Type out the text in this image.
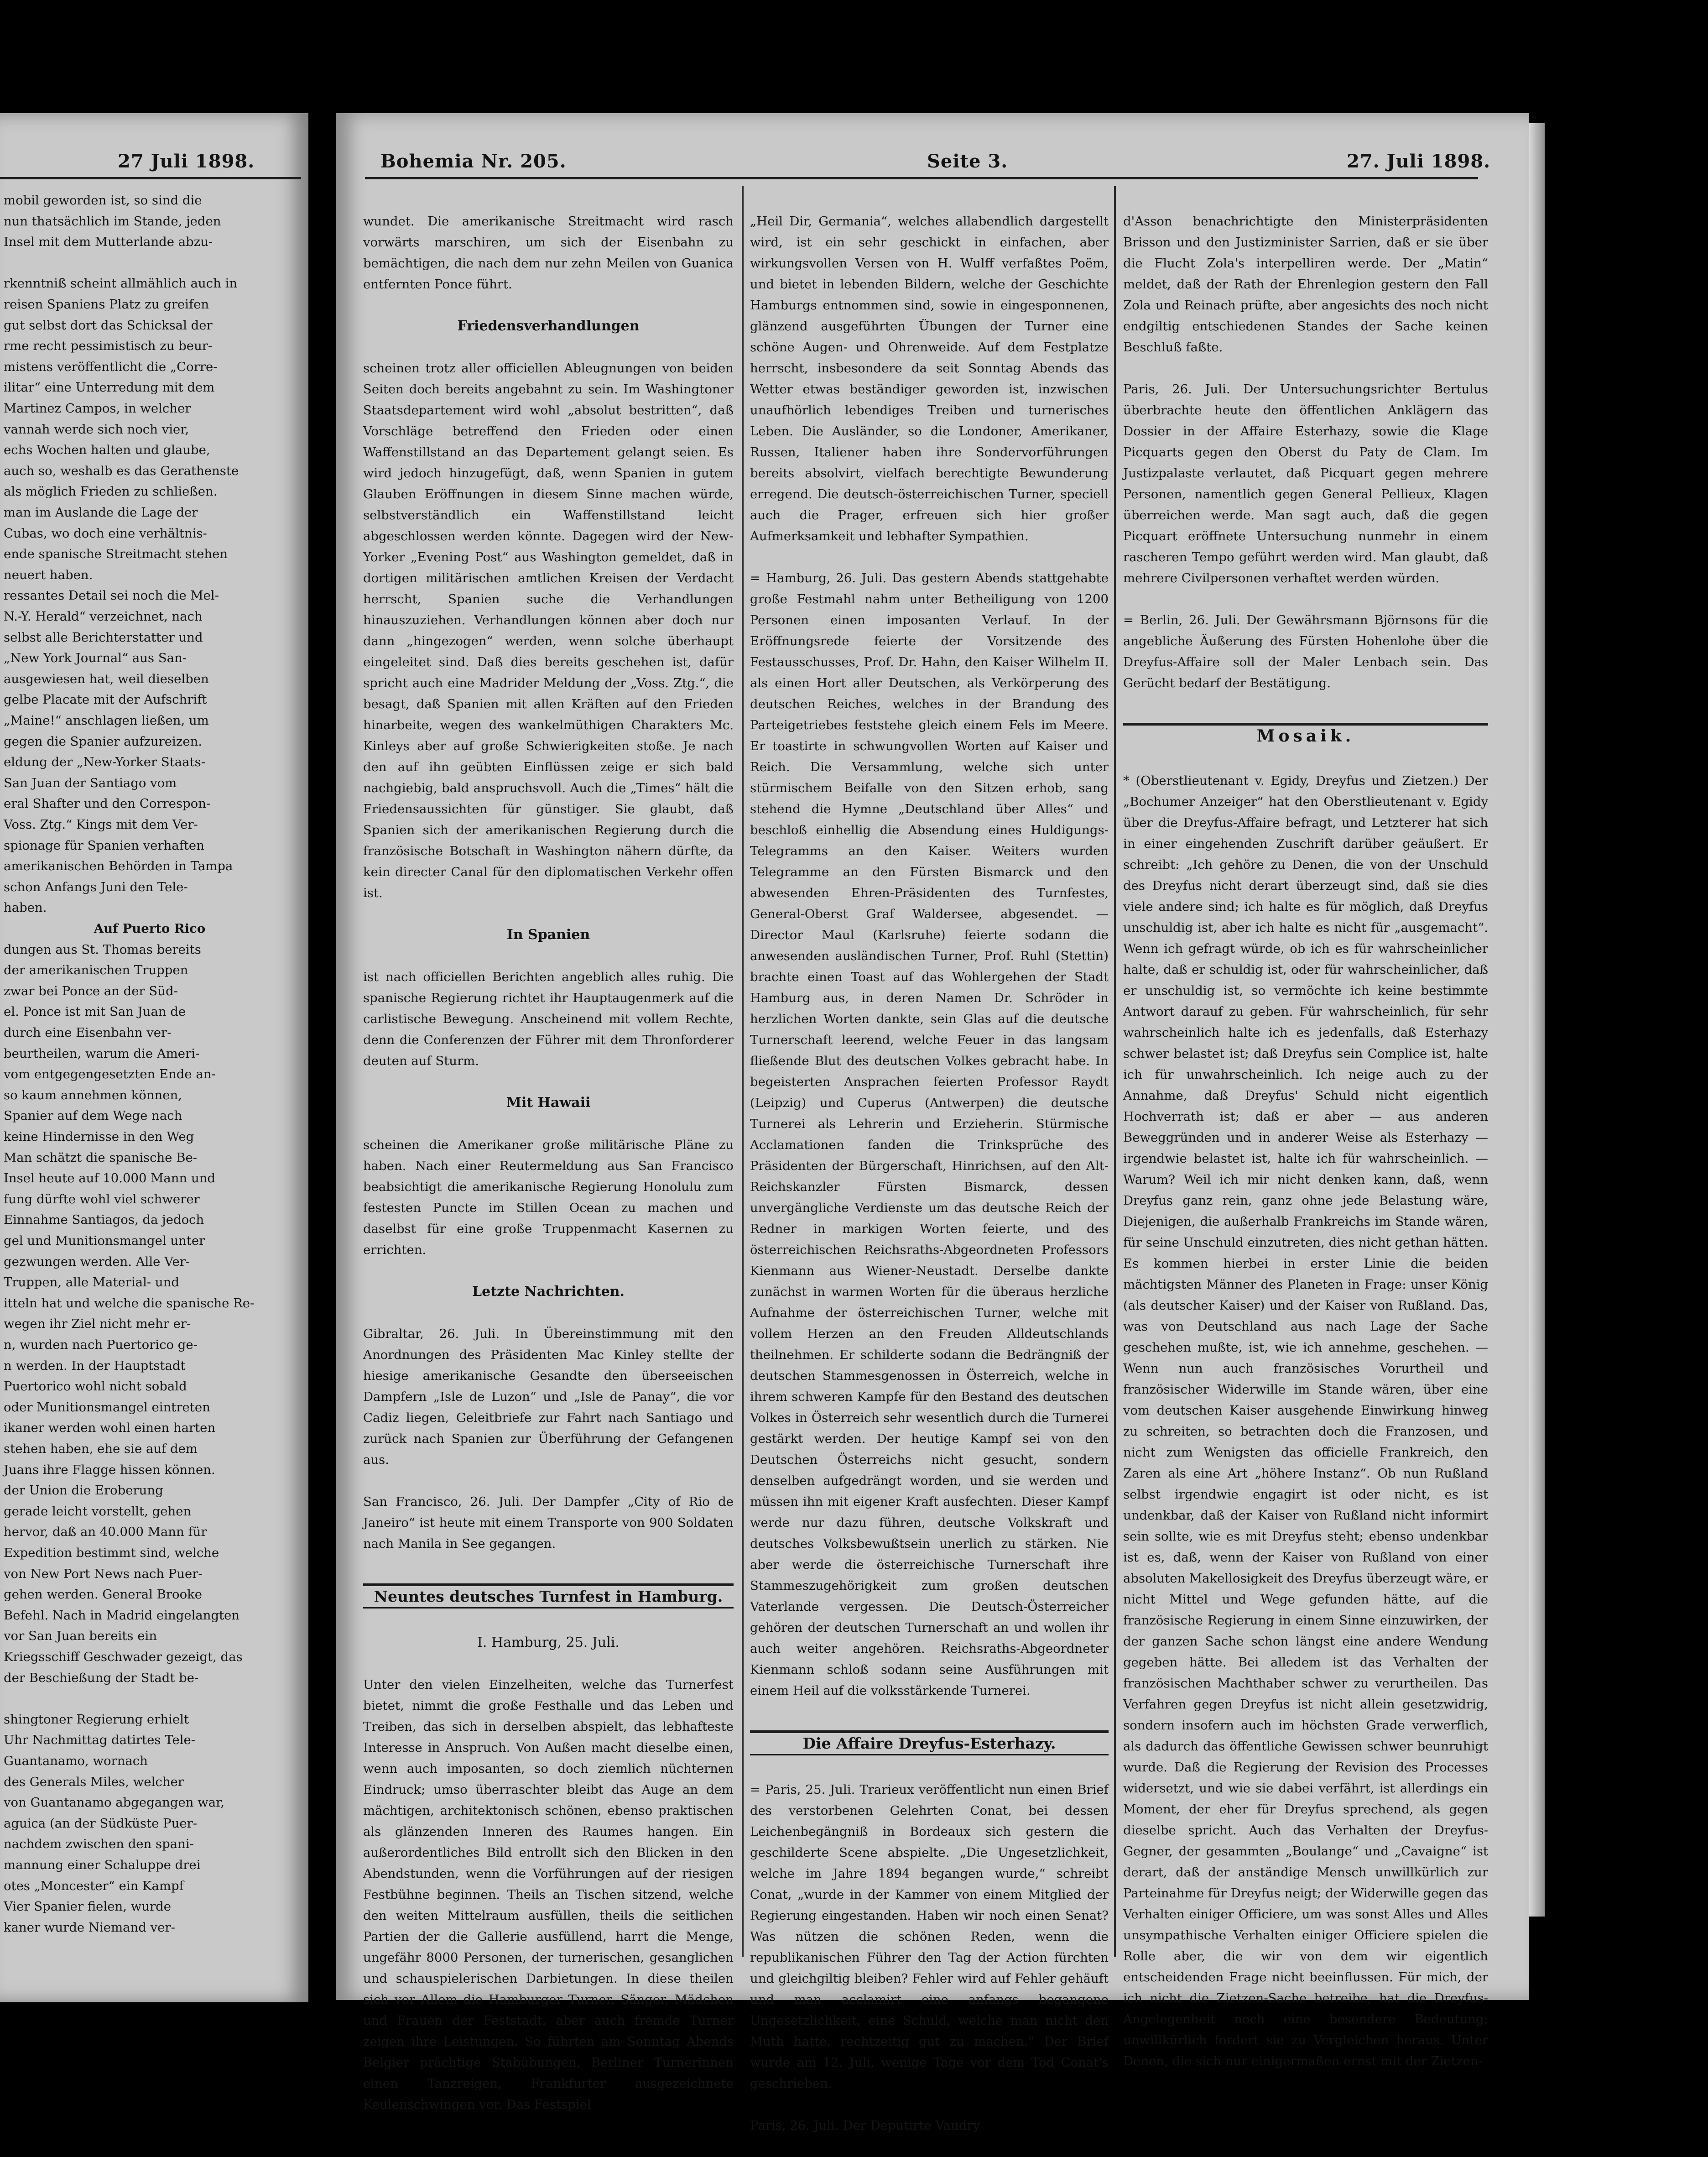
27 Juli 1898.
mobil geworden ist, so sind die
nun thatsächlich im Stande, jeden
Insel mit dem Mutterlande abzu-
rkenntniß scheint allmählich auch in
reisen Spaniens Platz zu greifen
gut selbst dort das Schicksal der
rme recht pessimistisch zu beur-
mistens veröffentlicht die „Corre-
ilitar“ eine Unterredung mit dem
Martinez Campos, in welcher
vannah werde sich noch vier,
echs Wochen halten und glaube,
auch so, weshalb es das Gerathenste
als möglich Frieden zu schließen.
man im Auslande die Lage der
Cubas, wo doch eine verhältnis-
ende spanische Streitmacht stehen
neuert haben.
ressantes Detail sei noch die Mel-
N.-Y. Herald“ verzeichnet, nach
selbst alle Berichterstatter und
„New York Journal“ aus San-
ausgewiesen hat, weil dieselben
gelbe Placate mit der Aufschrift
„Maine!“ anschlagen ließen, um
gegen die Spanier aufzureizen.
eldung der „New-Yorker Staats-
San Juan der Santiago vom
eral Shafter und den Correspon-
Voss. Ztg.“ Kings mit dem Ver-
spionage für Spanien verhaften
amerikanischen Behörden in Tampa
schon Anfangs Juni den Tele-
haben.
Auf Puerto Rico
dungen aus St. Thomas bereits
der amerikanischen Truppen
zwar bei Ponce an der Süd-
el. Ponce ist mit San Juan de
durch eine Eisenbahn ver-
beurtheilen, warum die Ameri-
vom entgegengesetzten Ende an-
so kaum annehmen können,
Spanier auf dem Wege nach
keine Hindernisse in den Weg
Man schätzt die spanische Be-
Insel heute auf 10.000 Mann und
fung dürfte wohl viel schwerer
Einnahme Santiagos, da jedoch
gel und Munitionsmangel unter
gezwungen werden. Alle Ver-
Truppen, alle Material- und
itteln hat und welche die spanische Re-
wegen ihr Ziel nicht mehr er-
n, wurden nach Puertorico ge-
n werden. In der Hauptstadt
Puertorico wohl nicht sobald
oder Munitionsmangel eintreten
ikaner werden wohl einen harten
stehen haben, ehe sie auf dem
Juans ihre Flagge hissen können.
der Union die Eroberung
gerade leicht vorstellt, gehen
hervor, daß an 40.000 Mann für
Expedition bestimmt sind, welche
von New Port News nach Puer-
gehen werden. General Brooke
Befehl. Nach in Madrid eingelangten
vor San Juan bereits ein
Kriegsschiff Geschwader gezeigt, das
der Beschießung der Stadt be-
shingtoner Regierung erhielt
Uhr Nachmittag datirtes Tele-
Guantanamo, wornach
des Generals Miles, welcher
von Guantanamo abgegangen war,
aguica (an der Südküste Puer-
nachdem zwischen den spani-
mannung einer Schaluppe drei
otes „Moncester“ ein Kampf
Vier Spanier fielen, wurde
kaner wurde Niemand ver-
Bohemia Nr. 205.	Seite 3.	27. Juli 1898.

wundet. Die amerikanische Streitmacht wird rasch vorwärts marschiren, um sich der Eisenbahn zu bemächtigen, die nach dem nur zehn Meilen von Guanica entfernten Ponce führt.

Friedensverhandlungen

scheinen trotz aller officiellen Ableugnungen von beiden Seiten doch bereits angebahnt zu sein. Im Washingtoner Staatsdepartement wird wohl „absolut bestritten“, daß Vorschläge betreffend den Frieden oder einen Waffenstillstand an das Departement gelangt seien. Es wird jedoch hinzugefügt, daß, wenn Spanien in gutem Glauben Eröffnungen in diesem Sinne machen würde, selbstverständlich ein Waffenstillstand leicht abgeschlossen werden könnte. Dagegen wird der New-Yorker „Evening Post“ aus Washington gemeldet, daß in dortigen militärischen amtlichen Kreisen der Verdacht herrscht, Spanien suche die Verhandlungen hinauszuziehen. Verhandlungen können aber doch nur dann „hingezogen“ werden, wenn solche überhaupt eingeleitet sind. Daß dies bereits geschehen ist, dafür spricht auch eine Madrider Meldung der „Voss. Ztg.“, die besagt, daß Spanien mit allen Kräften auf den Frieden hinarbeite, wegen des wankelmüthigen Charakters Mc. Kinleys aber auf große Schwierigkeiten stoße. Je nach den auf ihn geübten Einflüssen zeige er sich bald nachgiebig, bald anspruchsvoll. Auch die „Times“ hält die Friedensaussichten für günstiger. Sie glaubt, daß Spanien sich der amerikanischen Regierung durch die französische Botschaft in Washington nähern dürfte, da kein directer Canal für den diplomatischen Verkehr offen ist.

In Spanien

ist nach officiellen Berichten angeblich alles ruhig. Die spanische Regierung richtet ihr Hauptaugenmerk auf die carlistische Bewegung. Anscheinend mit vollem Rechte, denn die Conferenzen der Führer mit dem Thronforderer deuten auf Sturm.

Mit Hawaii

scheinen die Amerikaner große militärische Pläne zu haben. Nach einer Reutermeldung aus San Francisco beabsichtigt die amerikanische Regierung Honolulu zum festesten Puncte im Stillen Ocean zu machen und daselbst für eine große Truppenmacht Kasernen zu errichten.

Letzte Nachrichten.

Gibraltar, 26. Juli. In Übereinstimmung mit den Anordnungen des Präsidenten Mac Kinley stellte der hiesige amerikanische Gesandte den überseeischen Dampfern „Isle de Luzon“ und „Isle de Panay“, die vor Cadiz liegen, Geleitbriefe zur Fahrt nach Santiago und zurück nach Spanien zur Überführung der Gefangenen aus.

San Francisco, 26. Juli. Der Dampfer „City of Rio de Janeiro“ ist heute mit einem Transporte von 900 Soldaten nach Manila in See gegangen.

Neuntes deutsches Turnfest in Hamburg.

I. Hamburg, 25. Juli.

Unter den vielen Einzelheiten, welche das Turnerfest bietet, nimmt die große Festhalle und das Leben und Treiben, das sich in derselben abspielt, das lebhafteste Interesse in Anspruch. Von Außen macht dieselbe einen, wenn auch imposanten, so doch ziemlich nüchternen Eindruck; umso überraschter bleibt das Auge an dem mächtigen, architektonisch schönen, ebenso praktischen als glänzenden Inneren des Raumes hangen. Ein außerordentliches Bild entrollt sich den Blicken in den Abendstunden, wenn die Vorführungen auf der riesigen Festbühne beginnen. Theils an Tischen sitzend, welche den weiten Mittelraum ausfüllen, theils die seitlichen Partien der die Gallerie ausfüllend, harrt die Menge, ungefähr 8000 Personen, der turnerischen, gesanglichen und schauspielerischen Darbietungen. In diese theilen sich vor Allem die Hamburger Turner, Sänger, Mädchen und Frauen der Feststadt, aber auch fremde Turner zeigen ihre Leistungen. So führten am Sonntag Abends Belgier prächtige Stabübungen, Berliner Turnerinnen einen Tanzreigen, Frankfurter ausgezeichnete Keulenschwingen vor. Das Festspiel

„Heil Dir, Germania“, welches allabendlich dargestellt wird, ist ein sehr geschickt in einfachen, aber wirkungsvollen Versen von H. Wulff verfaßtes Poëm, und bietet in lebenden Bildern, welche der Geschichte Hamburgs entnommen sind, sowie in eingesponnenen, glänzend ausgeführten Übungen der Turner eine schöne Augen- und Ohrenweide. Auf dem Festplatze herrscht, insbesondere da seit Sonntag Abends das Wetter etwas beständiger geworden ist, inzwischen unaufhörlich lebendiges Treiben und turnerisches Leben. Die Ausländer, so die Londoner, Amerikaner, Russen, Italiener haben ihre Sondervorführungen bereits absolvirt, vielfach berechtigte Bewunderung erregend. Die deutsch-österreichischen Turner, speciell auch die Prager, erfreuen sich hier großer Aufmerksamkeit und lebhafter Sympathien.

= Hamburg, 26. Juli. Das gestern Abends stattgehabte große Festmahl nahm unter Betheiligung von 1200 Personen einen imposanten Verlauf. In der Eröffnungsrede feierte der Vorsitzende des Festausschusses, Prof. Dr. Hahn, den Kaiser Wilhelm II. als einen Hort aller Deutschen, als Verkörperung des deutschen Reiches, welches in der Brandung des Parteigetriebes feststehe gleich einem Fels im Meere. Er toastirte in schwungvollen Worten auf Kaiser und Reich. Die Versammlung, welche sich unter stürmischem Beifalle von den Sitzen erhob, sang stehend die Hymne „Deutschland über Alles“ und beschloß einhellig die Absendung eines Huldigungs-Telegramms an den Kaiser. Weiters wurden Telegramme an den Fürsten Bismarck und den abwesenden Ehren-Präsidenten des Turnfestes, General-Oberst Graf Waldersee, abgesendet. — Director Maul (Karlsruhe) feierte sodann die anwesenden ausländischen Turner, Prof. Ruhl (Stettin) brachte einen Toast auf das Wohlergehen der Stadt Hamburg aus, in deren Namen Dr. Schröder in herzlichen Worten dankte, sein Glas auf die deutsche Turnerschaft leerend, welche Feuer in das langsam fließende Blut des deutschen Volkes gebracht habe. In begeisterten Ansprachen feierten Professor Raydt (Leipzig) und Cuperus (Antwerpen) die deutsche Turnerei als Lehrerin und Erzieherin. Stürmische Acclamationen fanden die Trinksprüche des Präsidenten der Bürgerschaft, Hinrichsen, auf den Alt-Reichskanzler Fürsten Bismarck, dessen unvergängliche Verdienste um das deutsche Reich der Redner in markigen Worten feierte, und des österreichischen Reichsraths-Abgeordneten Professors Kienmann aus Wiener-Neustadt. Derselbe dankte zunächst in warmen Worten für die überaus herzliche Aufnahme der österreichischen Turner, welche mit vollem Herzen an den Freuden Alldeutschlands theilnehmen. Er schilderte sodann die Bedrängniß der deutschen Stammesgenossen in Österreich, welche in ihrem schweren Kampfe für den Bestand des deutschen Volkes in Österreich sehr wesentlich durch die Turnerei gestärkt werden. Der heutige Kampf sei von den Deutschen Österreichs nicht gesucht, sondern denselben aufgedrängt worden, und sie werden und müssen ihn mit eigener Kraft ausfechten. Dieser Kampf werde nur dazu führen, deutsche Volkskraft und deutsches Volksbewußtsein unerlich zu stärken. Nie aber werde die österreichische Turnerschaft ihre Stammeszugehörigkeit zum großen deutschen Vaterlande vergessen. Die Deutsch-Österreicher gehören der deutschen Turnerschaft an und wollen ihr auch weiter angehören. Reichsraths-Abgeordneter Kienmann schloß sodann seine Ausführungen mit einem Heil auf die volksstärkende Turnerei.

Die Affaire Dreyfus-Esterhazy.

= Paris, 25. Juli. Trarieux veröffentlicht nun einen Brief des verstorbenen Gelehrten Conat, bei dessen Leichenbegängniß in Bordeaux sich gestern die geschilderte Scene abspielte. „Die Ungesetzlichkeit, welche im Jahre 1894 begangen wurde,“ schreibt Conat, „wurde in der Kammer von einem Mitglied der Regierung eingestanden. Haben wir noch einen Senat? Was nützen die schönen Reden, wenn die republikanischen Führer den Tag der Action fürchten und gleichgiltig bleiben? Fehler wird auf Fehler gehäuft und man acclamirt eine anfangs begangene Ungesetzlichkeit, eine Schuld, welche man nicht den Muth hatte, rechtzeitig gut zu machen.“ Der Brief wurde am 12. Juli, wenige Tage vor dem Tod Conat's geschrieben.

Paris, 26. Juli. Der Deputirte Vaudry

d'Asson benachrichtigte den Ministerpräsidenten Brisson und den Justizminister Sarrien, daß er sie über die Flucht Zola's interpelliren werde. Der „Matin“ meldet, daß der Rath der Ehrenlegion gestern den Fall Zola und Reinach prüfte, aber angesichts des noch nicht endgiltig entschiedenen Standes der Sache keinen Beschluß faßte.

Paris, 26. Juli. Der Untersuchungsrichter Bertulus überbrachte heute den öffentlichen Anklägern das Dossier in der Affaire Esterhazy, sowie die Klage Picquarts gegen den Oberst du Paty de Clam. Im Justizpalaste verlautet, daß Picquart gegen mehrere Personen, namentlich gegen General Pellieux, Klagen überreichen werde. Man sagt auch, daß die gegen Picquart eröffnete Untersuchung nunmehr in einem rascheren Tempo geführt werden wird. Man glaubt, daß mehrere Civilpersonen verhaftet werden würden.

= Berlin, 26. Juli. Der Gewährsmann Björnsons für die angebliche Äußerung des Fürsten Hohenlohe über die Dreyfus-Affaire soll der Maler Lenbach sein. Das Gerücht bedarf der Bestätigung.

Mosaik.

* (Oberstlieutenant v. Egidy, Dreyfus und Zietzen.) Der „Bochumer Anzeiger“ hat den Oberstlieutenant v. Egidy über die Dreyfus-Affaire befragt, und Letzterer hat sich in einer eingehenden Zuschrift darüber geäußert. Er schreibt: „Ich gehöre zu Denen, die von der Unschuld des Dreyfus nicht derart überzeugt sind, daß sie dies viele andere sind; ich halte es für möglich, daß Dreyfus unschuldig ist, aber ich halte es nicht für „ausgemacht“. Wenn ich gefragt würde, ob ich es für wahrscheinlicher halte, daß er schuldig ist, oder für wahrscheinlicher, daß er unschuldig ist, so vermöchte ich keine bestimmte Antwort darauf zu geben. Für wahrscheinlich, für sehr wahrscheinlich halte ich es jedenfalls, daß Esterhazy schwer belastet ist; daß Dreyfus sein Complice ist, halte ich für unwahrscheinlich. Ich neige auch zu der Annahme, daß Dreyfus' Schuld nicht eigentlich Hochverrath ist; daß er aber — aus anderen Beweggründen und in anderer Weise als Esterhazy — irgendwie belastet ist, halte ich für wahrscheinlich. — Warum? Weil ich mir nicht denken kann, daß, wenn Dreyfus ganz rein, ganz ohne jede Belastung wäre, Diejenigen, die außerhalb Frankreichs im Stande wären, für seine Unschuld einzutreten, dies nicht gethan hätten. Es kommen hierbei in erster Linie die beiden mächtigsten Männer des Planeten in Frage: unser König (als deutscher Kaiser) und der Kaiser von Rußland. Das, was von Deutschland aus nach Lage der Sache geschehen mußte, ist, wie ich annehme, geschehen. — Wenn nun auch französisches Vorurtheil und französischer Widerwille im Stande wären, über eine vom deutschen Kaiser ausgehende Einwirkung hinweg zu schreiten, so betrachten doch die Franzosen, und nicht zum Wenigsten das officielle Frankreich, den Zaren als eine Art „höhere Instanz“. Ob nun Rußland selbst irgendwie engagirt ist oder nicht, es ist undenkbar, daß der Kaiser von Rußland nicht informirt sein sollte, wie es mit Dreyfus steht; ebenso undenkbar ist es, daß, wenn der Kaiser von Rußland von einer absoluten Makellosigkeit des Dreyfus überzeugt wäre, er nicht Mittel und Wege gefunden hätte, auf die französische Regierung in einem Sinne einzuwirken, der der ganzen Sache schon längst eine andere Wendung gegeben hätte. Bei alledem ist das Verhalten der französischen Machthaber schwer zu verurtheilen. Das Verfahren gegen Dreyfus ist nicht allein gesetzwidrig, sondern insofern auch im höchsten Grade verwerflich, als dadurch das öffentliche Gewissen schwer beunruhigt wurde. Daß die Regierung der Revision des Processes widersetzt, und wie sie dabei verfährt, ist allerdings ein Moment, der eher für Dreyfus sprechend, als gegen dieselbe spricht. Auch das Verhalten der Dreyfus-Gegner, der gesammten „Boulange“ und „Cavaigne“ ist derart, daß der anständige Mensch unwillkürlich zur Parteinahme für Dreyfus neigt; der Widerwille gegen das Verhalten einiger Officiere, um was sonst Alles und Alles unsympathische Verhalten einiger Officiere spielen die Rolle aber, die wir von dem wir eigentlich entscheidenden Frage nicht beeinflussen. Für mich, der ich nicht die Zietzen-Sache betreibe, hat die Dreyfus-Angelegenheit noch eine besondere Bedeutung; unwillkürlich fordert sie zu Vergleichen heraus. Unter Denen, die sich nur einigermaßen ernst mit der Zietzen-
